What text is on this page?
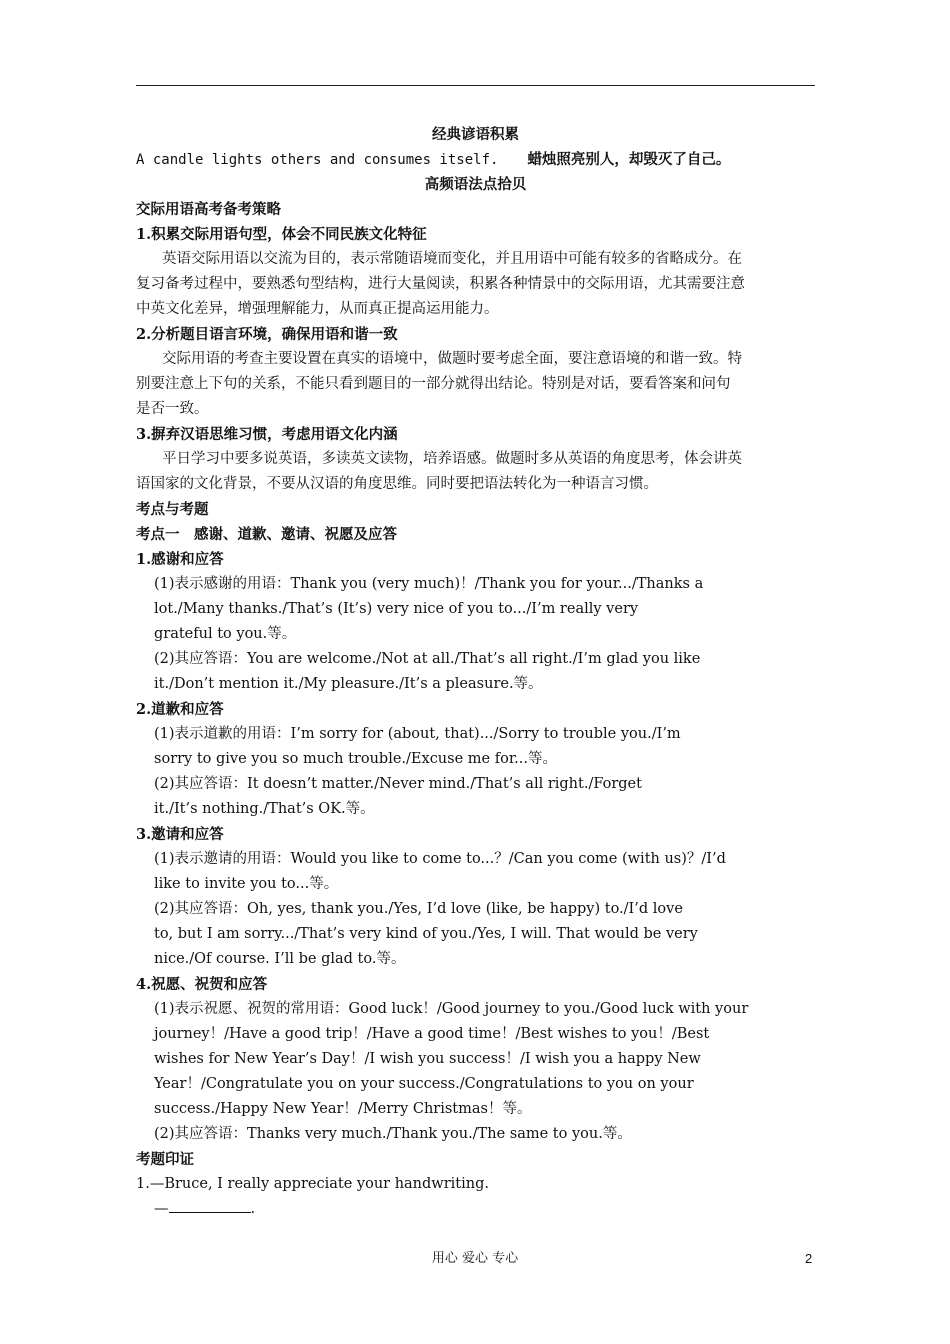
经典谚语积累
A candle lights others and consumes itself.　　 蜡烛照亮别人，却毁灭了自己。
高频语法点拾贝
交际用语高考备考策略
1.积累交际用语句型，体会不同民族文化特征
英语交际用语以交流为目的，表示常随语境而变化，并且用语中可能有较多的省略成分。在
复习备考过程中，要熟悉句型结构，进行大量阅读，积累各种情景中的交际用语，尤其需要注意
中英文化差异，增强理解能力，从而真正提高运用能力。
2.分析题目语言环境，确保用语和谐一致
交际用语的考查主要设置在真实的语境中，做题时要考虑全面，要注意语境的和谐一致。特
别要注意上下句的关系，不能只看到题目的一部分就得出结论。特别是对话，要看答案和问句
是否一致。
3.摒弃汉语思维习惯，考虑用语文化内涵
平日学习中要多说英语，多读英文读物，培养语感。做题时多从英语的角度思考，体会讲英
语国家的文化背景，不要从汉语的角度思维。同时要把语法转化为一种语言习惯。
考点与考题
考点一　感谢、道歉、邀请、祝愿及应答
1.感谢和应答
(1)表示感谢的用语：Thank you (very much)！/Thank you for your.../Thanks a
lot./Many thanks./That’s (It’s) very nice of you to.../I’m really very
grateful to you.等。
(2)其应答语：You are welcome./Not at all./That’s all right./I’m glad you like
it./Don’t mention it./My pleasure./It’s a pleasure.等。
2.道歉和应答
(1)表示道歉的用语：I’m sorry for (about, that).../Sorry to trouble you./I’m
sorry to give you so much trouble./Excuse me for...等。
(2)其应答语：It doesn’t matter./Never mind./That’s all right./Forget
it./It’s nothing./That’s OK.等。
3.邀请和应答
(1)表示邀请的用语：Would you like to come to...？/Can you come (with us)？/I’d
like to invite you to...等。
(2)其应答语：Oh, yes, thank you./Yes, I’d love (like, be happy) to./I’d love
to, but I am sorry.../That’s very kind of you./Yes, I will. That would be very
nice./Of course. I’ll be glad to.等。
4.祝愿、祝贺和应答
(1)表示祝愿、祝贺的常用语：Good luck！/Good journey to you./Good luck with your
journey！/Have a good trip！/Have a good time！/Best wishes to you！/Best
wishes for New Year’s Day！/I wish you success！/I wish you a happy New
Year！/Congratulate you on your success./Congratulations to you on your
success./Happy New Year！/Merry Christmas！等。
(2)其应答语：Thanks very much./Thank you./The same to you.等。
考题印证
1.—Bruce, I really appreciate your handwriting.
—	.
用心 爱心 专心	2
